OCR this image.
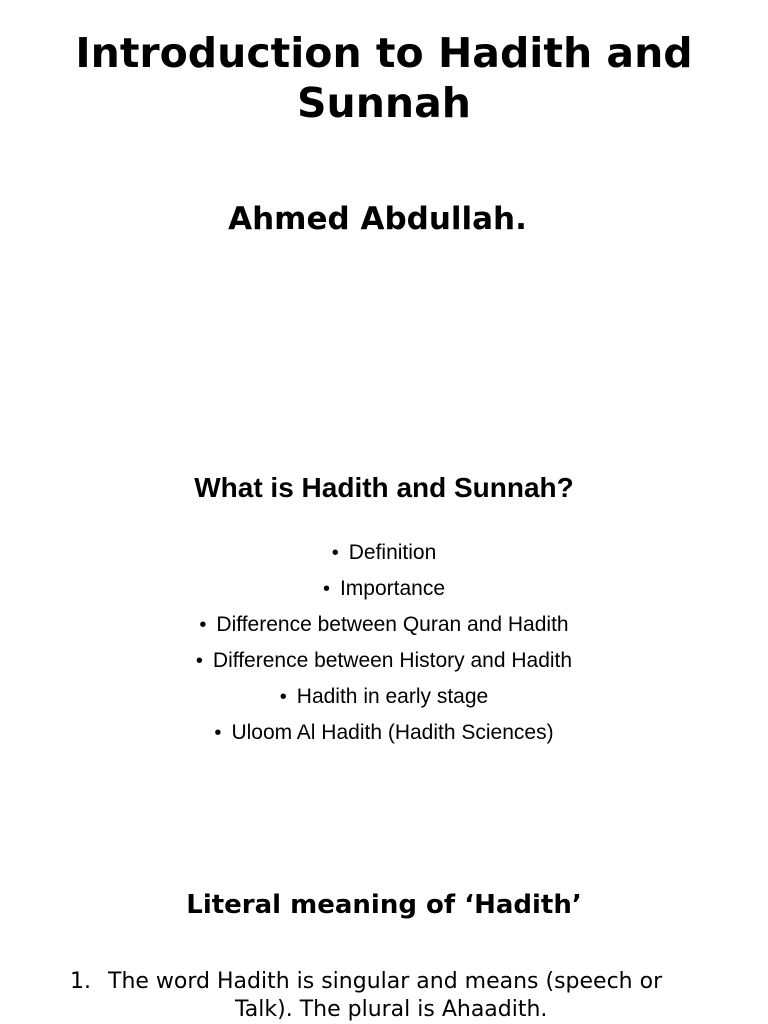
Introduction to Hadith and
Sunnah
Ahmed Abdullah.
What is Hadith and Sunnah?
• Definition
• Importance
• Difference between Quran and Hadith
• Difference between History and Hadith
• Hadith in early stage
• Uloom Al Hadith (Hadith Sciences)
Literal meaning of ‘Hadith’

1. The word Hadith is singular and means (speech or
Talk). The plural is Ahaadith.
